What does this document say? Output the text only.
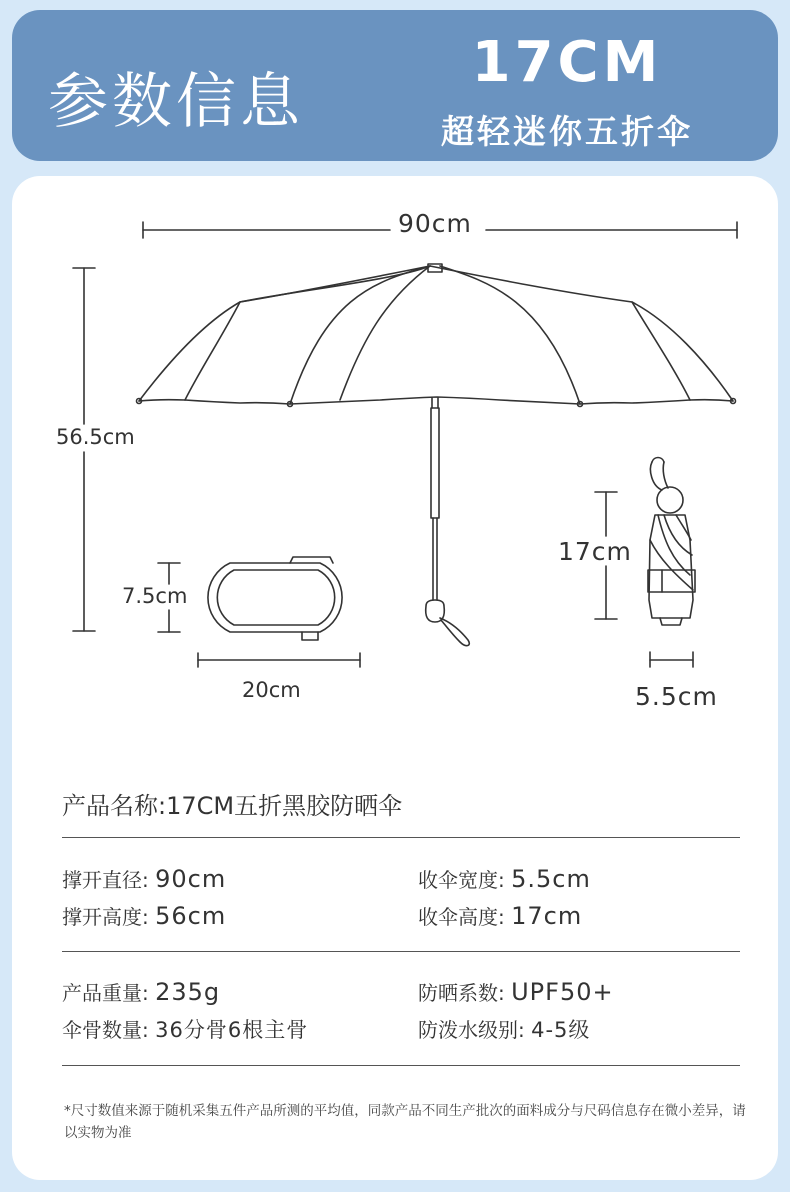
参数信息
17CM
超轻迷你五折伞
90cm
56.5cm
7.5cm
20cm
17cm
5.5cm
产品名称:17CM五折黑胶防晒伞
撑开直径: 90cm	收伞宽度: 5.5cm
撑开高度: 56cm	收伞高度: 17cm
产品重量: 235g	防晒系数: UPF50+
伞骨数量: 36分骨6根主骨	防泼水级别: 4-5级
*尺寸数值来源于随机采集五件产品所测的平均值，同款产品不同生产批次的面料成分与尺码信息存在微小差异，请以实物为准
